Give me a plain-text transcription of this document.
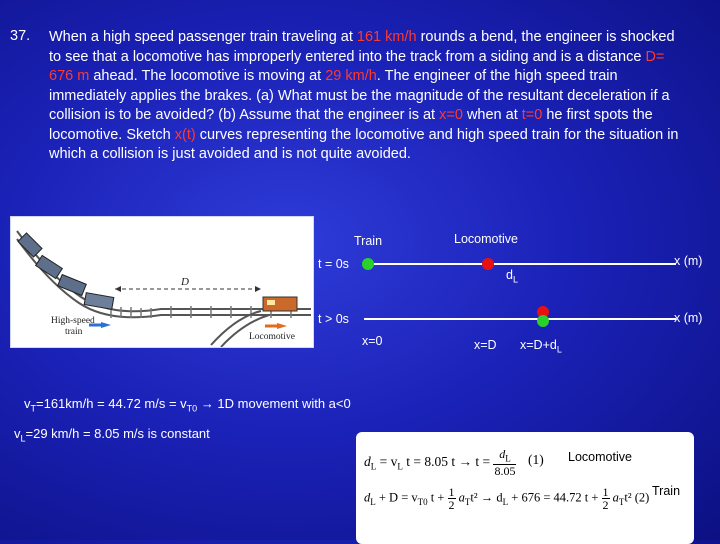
37. When a high speed passenger train traveling at 161 km/h rounds a bend, the engineer is shocked to see that a locomotive has improperly entered into the track from a siding and is a distance D= 676 m ahead. The locomotive is moving at 29 km/h. The engineer of the high speed train immediately applies the brakes. (a) What must be the magnitude of the resultant deceleration if a collision is to be avoided? (b) Assume that the engineer is at x=0 when at t=0 he first spots the locomotive. Sketch x(t) curves representing the locomotive and high speed train for the situation in which a collision is just avoided and is not quite avoided.
D
High-speed
train	Locomotive
Train	Locomotive
t = 0s	x (m)
$d_L$
t > 0s	x (m)
x=0	x=D $x=D+d_L$
$v_T=161km/h = 44.72$ $m/s = v_{T0} \to 1D$ movement with a<0
$v_L=29$ km/h = 8.05 m/s is constant
$d_L = v_L$ t = 8.05 $t \to t = \frac{d_L}{8.05} (1)$ Locomotive
$d_L + D = v_{T0}$ $t + \frac{1}{2} a_Tt^2 \to d_L + 676 = 44.72$ $t + \frac{1}{2} a_Tt^2$ (2) Train
